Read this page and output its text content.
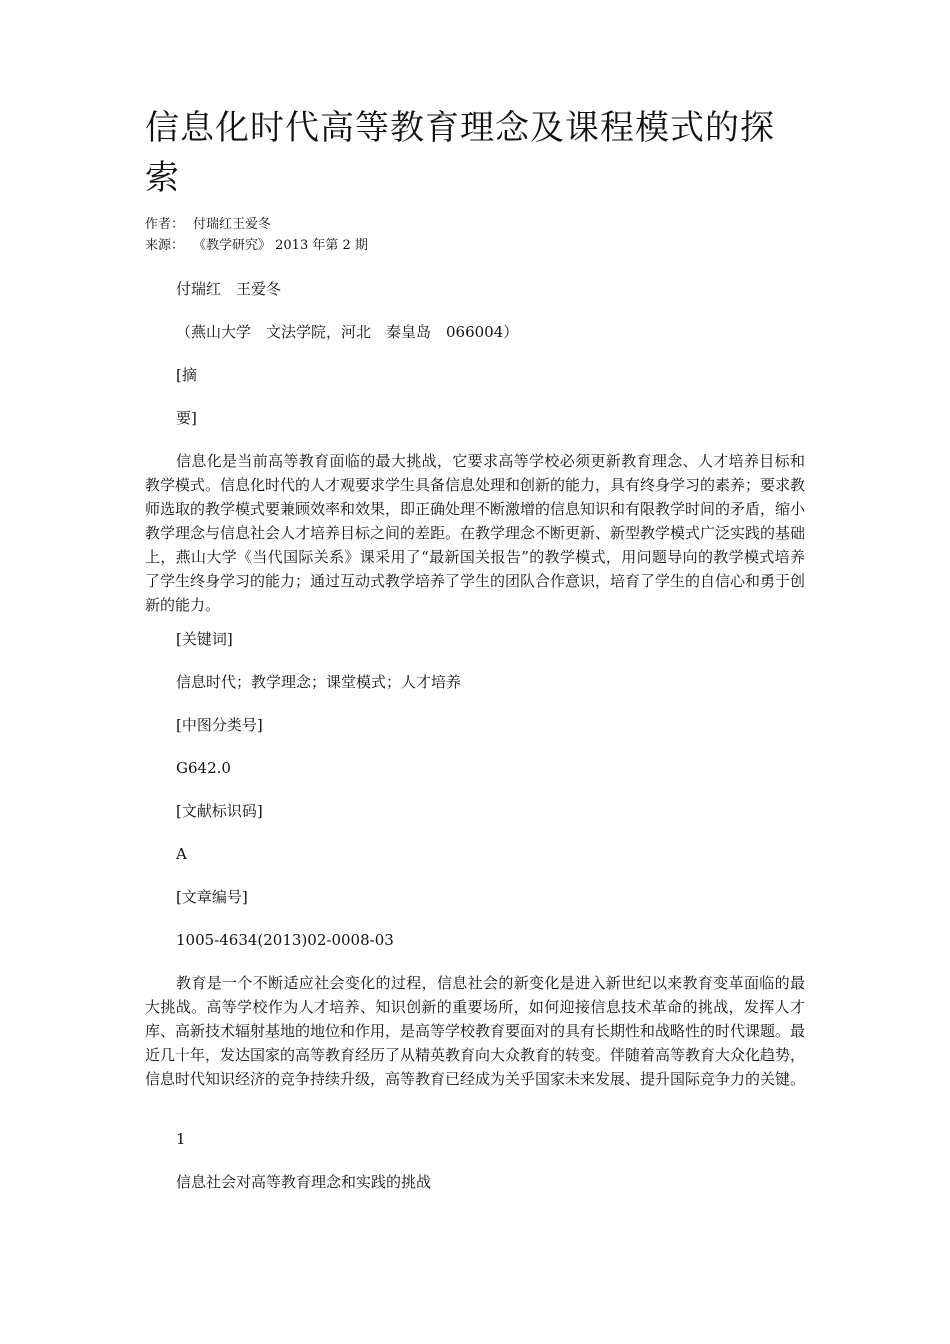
信息化时代高等教育理念及课程模式的探索
作者： 付瑞红王爱冬
来源： 《教学研究》 2013 年第 2 期

付瑞红　王爱冬

（燕山大学　文法学院，河北　秦皇岛　066004）

[摘

要]

信息化是当前高等教育面临的最大挑战，它要求高等学校必须更新教育理念、人才培养目标和教学模式。信息化时代的人才观要求学生具备信息处理和创新的能力，具有终身学习的素养；要求教师选取的教学模式要兼顾效率和效果，即正确处理不断激增的信息知识和有限教学时间的矛盾，缩小教学理念与信息社会人才培养目标之间的差距。在教学理念不断更新、新型教学模式广泛实践的基础上，燕山大学《当代国际关系》课采用了“最新国关报告”的教学模式，用问题导向的教学模式培养了学生终身学习的能力；通过互动式教学培养了学生的团队合作意识，培育了学生的自信心和勇于创新的能力。

[关键词]

信息时代；教学理念；课堂模式；人才培养

[中图分类号]

G642.0

[文献标识码]

A

[文章编号]

1005-4634(2013)02-0008-03

教育是一个不断适应社会变化的过程，信息社会的新变化是进入新世纪以来教育变革面临的最大挑战。高等学校作为人才培养、知识创新的重要场所，如何迎接信息技术革命的挑战，发挥人才库、高新技术辐射基地的地位和作用，是高等学校教育要面对的具有长期性和战略性的时代课题。最近几十年，发达国家的高等教育经历了从精英教育向大众教育的转变。伴随着高等教育大众化趋势，信息时代知识经济的竞争持续升级，高等教育已经成为关乎国家未来发展、提升国际竞争力的关键。

1

信息社会对高等教育理念和实践的挑战
